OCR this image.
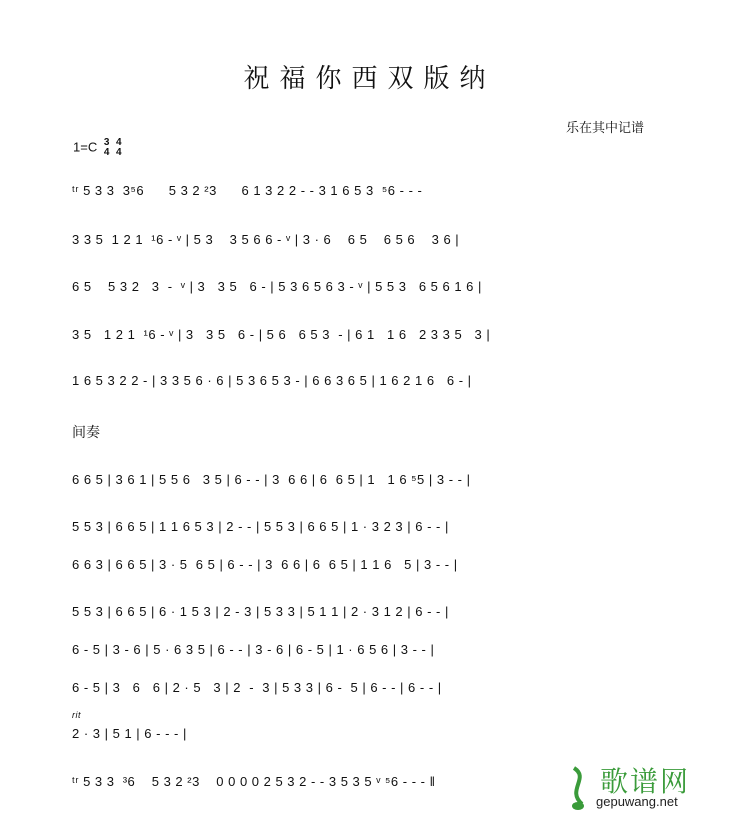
祝福你西双版纳
乐在其中记谱
1=C 3
4 4
4
ᵗʳ 5 3 3  3⁵6      5 3 2 ²3      6 1 3 2 2 - - 3 1 6 5 3  ⁵6 - - -
3 3 5  1 2 1  ¹6 - ᵛ | 5 3    3 5 6 6 - ᵛ | 3 · 6    6 5    6 5 6    3 6 |
6 5    5 3 2   3  -  ᵛ | 3   3 5   6 - | 5 3 6 5 6 3 - ᵛ | 5 5 3   6 5 6 1 6 |
3 5   1 2 1  ¹6 - ᵛ | 3   3 5   6 - | 5 6   6 5 3  - | 6 1   1 6   2 3 3 5   3 |
1 6 5 3 2 2 - | 3 3 5 6 · 6 | 5 3 6 5 3 - | 6 6 3 6 5 | 1 6 2 1 6   6 - |
间奏
6 6 5 | 3 6 1 | 5 5 6   3 5 | 6 - - | 3  6 6 | 6  6 5 | 1   1 6 ⁵5 | 3 - - |
5 5 3 | 6 6 5 | 1 1 6 5 3 | 2 - - | 5 5 3 | 6 6 5 | 1 · 3 2 3 | 6 - - |
6 6 3 | 6 6 5 | 3 · 5  6 5 | 6 - - | 3  6 6 | 6  6 5 | 1 1 6   5 | 3 - - |
5 5 3 | 6 6 5 | 6 · 1 5 3 | 2 - 3 | 5 3 3 | 5 1 1 | 2 · 3 1 2 | 6 - - |
6 - 5 | 3 - 6 | 5 · 6 3 5 | 6 - - | 3 - 6 | 6 - 5 | 1 · 6 5 6 | 3 - - |
6 - 5 | 3   6   6 | 2 · 5   3 | 2  -  3 | 5 3 3 | 6 -  5 | 6 - - | 6 - - |
rit
2 · 3 | 5 1 | 6 - - - |
ᵗʳ 5 3 3  ³6    5 3 2 ²3    0 0 0 0 2 5 3 2 - - 3 5 3 5 ᵛ ⁵6 - - - ‖	歌谱网
gepuwang.net
